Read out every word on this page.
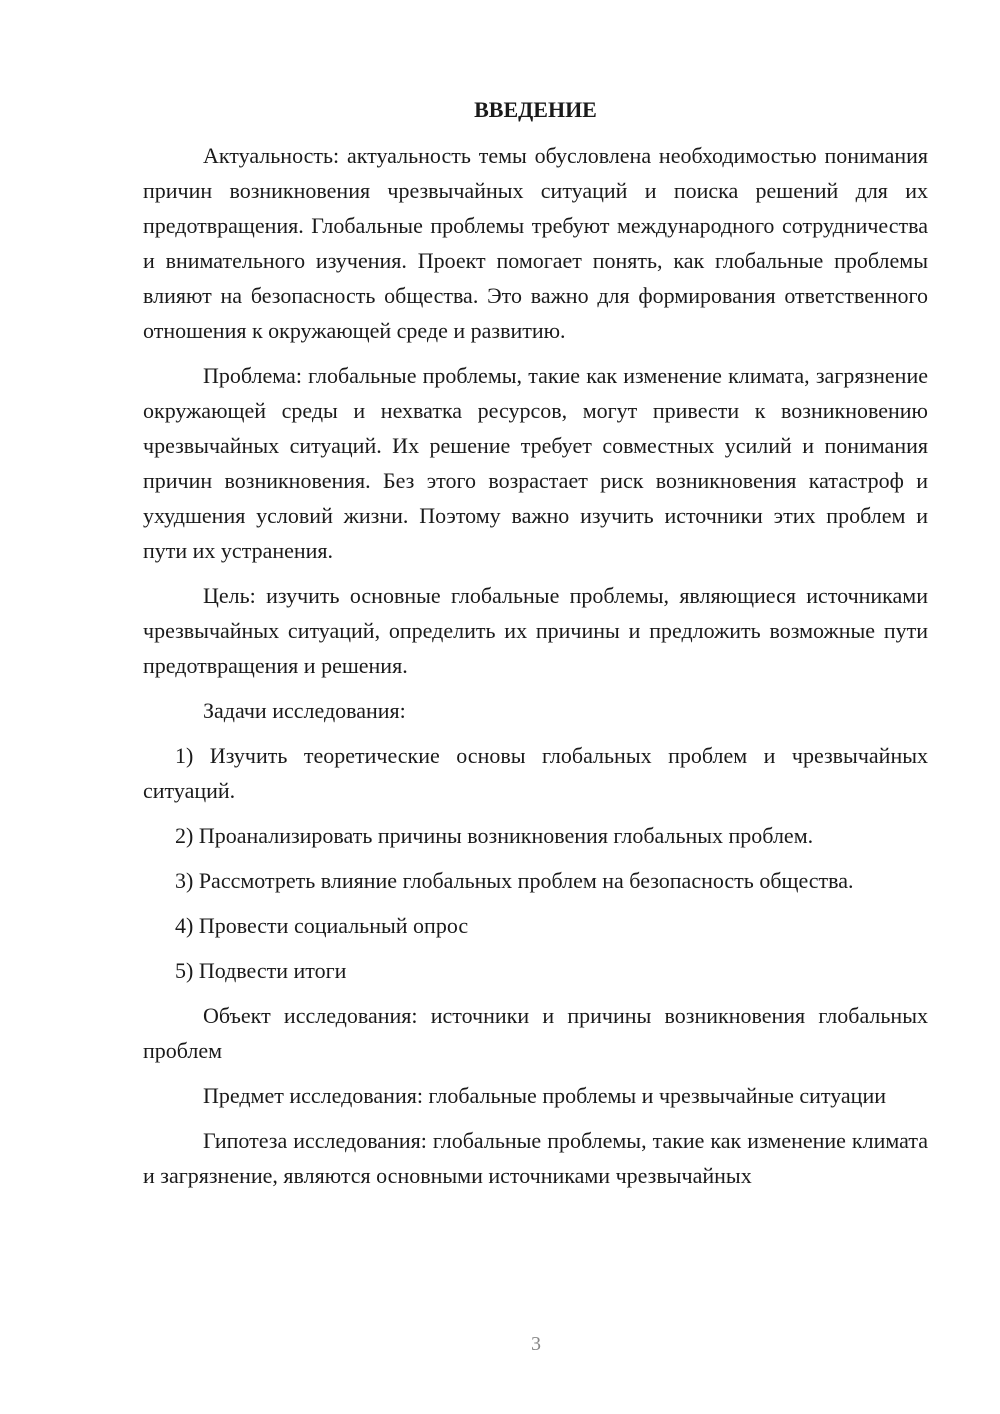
ВВЕДЕНИЕ

Актуальность: актуальность темы обусловлена необходимостью понимания причин возникновения чрезвычайных ситуаций и поиска решений для их предотвращения. Глобальные проблемы требуют международного сотрудничества и внимательного изучения. Проект помогает понять, как глобальные проблемы влияют на безопасность общества. Это важно для формирования ответственного отношения к окружающей среде и развитию.

Проблема: глобальные проблемы, такие как изменение климата, загрязнение окружающей среды и нехватка ресурсов, могут привести к возникновению чрезвычайных ситуаций. Их решение требует совместных усилий и понимания причин возникновения. Без этого возрастает риск возникновения катастроф и ухудшения условий жизни. Поэтому важно изучить источники этих проблем и пути их устранения.

Цель: изучить основные глобальные проблемы, являющиеся источниками чрезвычайных ситуаций, определить их причины и предложить возможные пути предотвращения и решения.

Задачи исследования:

1) Изучить теоретические основы глобальных проблем и чрезвычайных ситуаций.

2) Проанализировать причины возникновения глобальных проблем.

3) Рассмотреть влияние глобальных проблем на безопасность общества.

4) Провести социальный опрос

5) Подвести итоги

Объект исследования: источники и причины возникновения глобальных проблем

Предмет исследования: глобальные проблемы и чрезвычайные ситуации

Гипотеза исследования: глобальные проблемы, такие как изменение климата и загрязнение, являются основными источниками чрезвычайных

3
